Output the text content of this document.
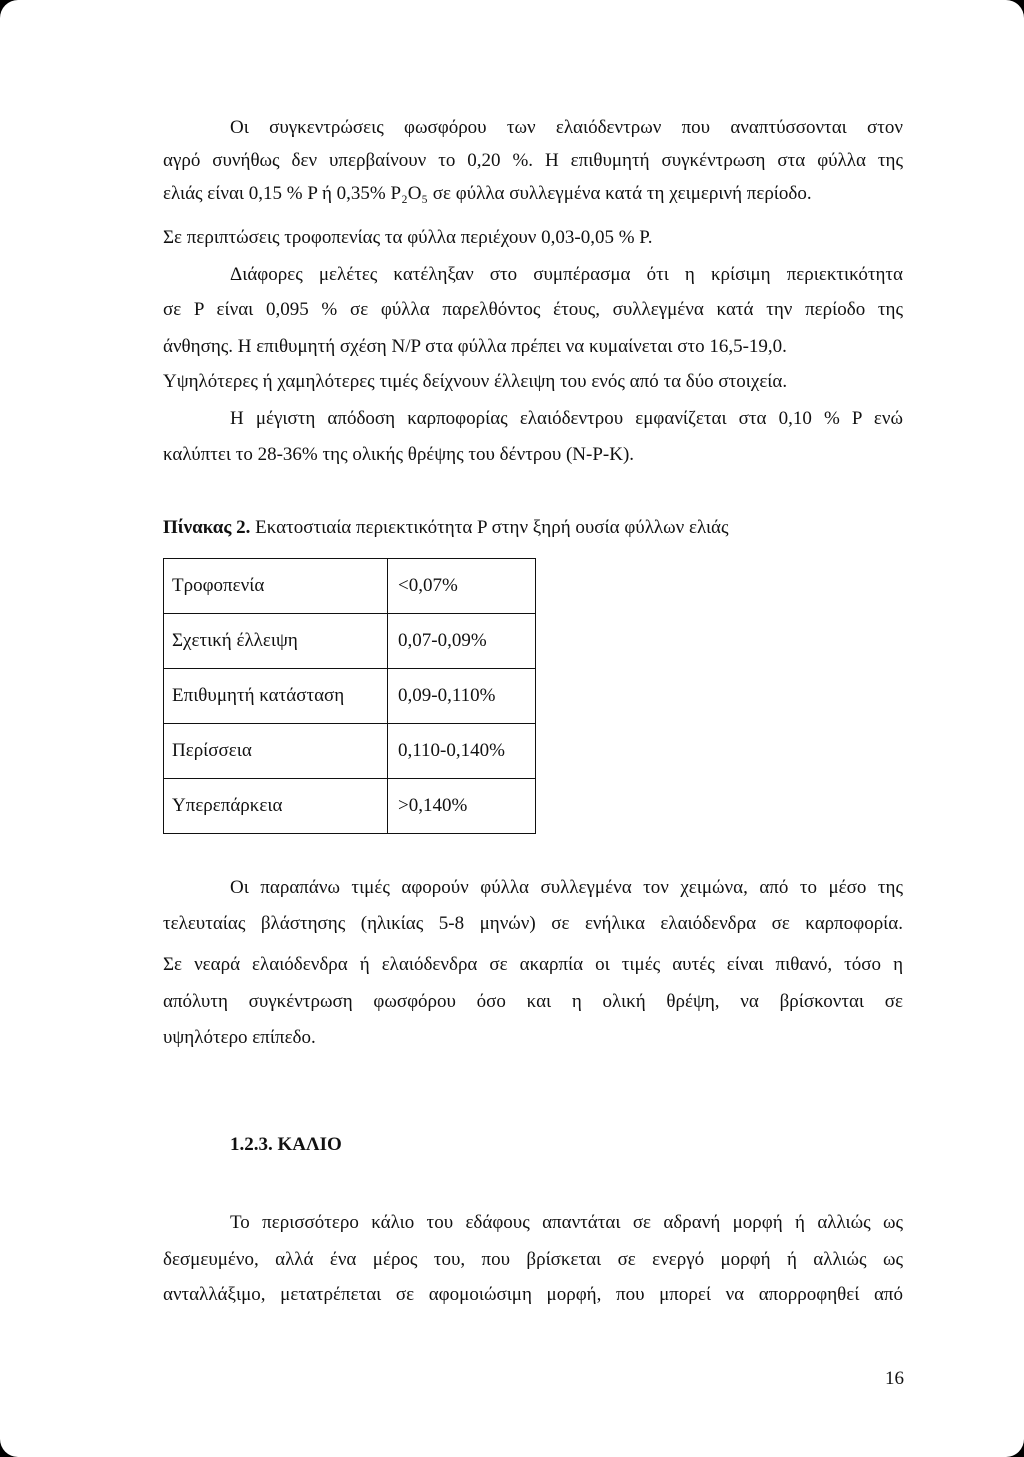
Οι συγκεντρώσεις φωσφόρου των ελαιόδεντρων που αναπτύσσονται στον
αγρό συνήθως δεν υπερβαίνουν το 0,20 %. Η επιθυμητή συγκέντρωση στα φύλλα της
ελιάς είναι 0,15 % P ή 0,35% P₂O₅ σε φύλλα συλλεγμένα κατά τη χειμερινή περίοδο.
Σε περιπτώσεις τροφοπενίας τα φύλλα περιέχουν 0,03-0,05 % P.
Διάφορες μελέτες κατέληξαν στο συμπέρασμα ότι η κρίσιμη περιεκτικότητα
σε P είναι 0,095 % σε φύλλα παρελθόντος έτους, συλλεγμένα κατά την περίοδο της
άνθησης. Η επιθυμητή σχέση N/P στα φύλλα πρέπει να κυμαίνεται στο 16,5-19,0.
Υψηλότερες ή χαμηλότερες τιμές δείχνουν έλλειψη του ενός από τα δύο στοιχεία.
Η μέγιστη απόδοση καρποφορίας ελαιόδεντρου εμφανίζεται στα 0,10 % P ενώ
καλύπτει το 28-36% της ολικής θρέψης του δέντρου (N-P-K).
Πίνακας 2. Εκατοστιαία περιεκτικότητα P στην ξηρή ουσία φύλλων ελιάς
Τροφοπενία	<0,07%
Σχετική έλλειψη	0,07-0,09%
Επιθυμητή κατάσταση	0,09-0,110%
Περίσσεια	0,110-0,140%
Υπερεπάρκεια	>0,140%
Οι παραπάνω τιμές αφορούν φύλλα συλλεγμένα τον χειμώνα, από το μέσο της
τελευταίας βλάστησης (ηλικίας 5-8 μηνών) σε ενήλικα ελαιόδενδρα σε καρποφορία.
Σε νεαρά ελαιόδενδρα ή ελαιόδενδρα σε ακαρπία οι τιμές αυτές είναι πιθανό, τόσο η
απόλυτη συγκέντρωση φωσφόρου όσο και η ολική θρέψη, να βρίσκονται σε
υψηλότερο επίπεδο.
1.2.3. ΚΑΛΙΟ
Το περισσότερο κάλιο του εδάφους απαντάται σε αδρανή μορφή ή αλλιώς ως
δεσμευμένο, αλλά ένα μέρος του, που βρίσκεται σε ενεργό μορφή ή αλλιώς ως
ανταλλάξιμο, μετατρέπεται σε αφομοιώσιμη μορφή, που μπορεί να απορροφηθεί από
16
